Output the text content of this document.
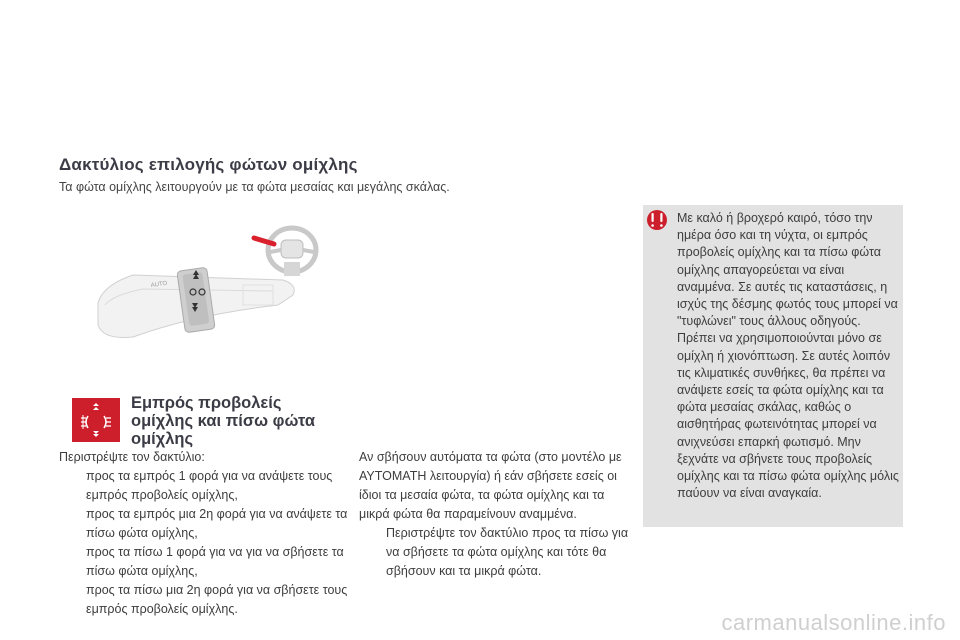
Δακτύλιος επιλογής φώτων ομίχλης
Τα φώτα ομίχλης λειτουργούν με τα φώτα μεσαίας και μεγάλης σκάλας.
AUTO
Εμπρός προβολείς ομίχλης και πίσω φώτα ομίχλης
Περιστρέψτε τον δακτύλιο:
προς τα εμπρός 1 φορά για να ανάψετε τους εμπρός προβολείς ομίχλης,
προς τα εμπρός μια 2η φορά για να ανάψετε τα πίσω φώτα ομίχλης,
προς τα πίσω 1 φορά για να για να σβήσετε τα πίσω φώτα ομίχλης,
προς τα πίσω μια 2η φορά για να σβήσετε τους εμπρός προβολείς ομίχλης.
Αν σβήσουν αυτόματα τα φώτα (στο μοντέλο με AYTOMATH λειτουργία) ή εάν σβήσετε εσείς οι ίδιοι τα μεσαία φώτα, τα φώτα ομίχλης και τα μικρά φώτα θα παραμείνουν αναμμένα.
Περιστρέψτε τον δακτύλιο προς τα πίσω για να σβήσετε τα φώτα ομίχλης και τότε θα σβήσουν και τα μικρά φώτα.
Με καλό ή βροχερό καιρό, τόσο την ημέρα όσο και τη νύχτα, οι εμπρός προβολείς ομίχλης και τα πίσω φώτα ομίχλης απαγορεύεται να είναι αναμμένα. Σε αυτές τις καταστάσεις, η ισχύς της δέσμης φωτός τους μπορεί να "τυφλώνει" τους άλλους οδηγούς. Πρέπει να χρησιμοποιούνται μόνο σε ομίχλη ή χιονόπτωση. Σε αυτές λοιπόν τις κλιματικές συνθήκες, θα πρέπει να ανάψετε εσείς τα φώτα ομίχλης και τα φώτα μεσαίας σκάλας, καθώς ο αισθητήρας φωτεινότητας μπορεί να ανιχνεύσει επαρκή φωτισμό. Μην ξεχνάτε να σβήνετε τους προβολείς ομίχλης και τα πίσω φώτα ομίχλης μόλις παύουν να είναι αναγκαία.
carmanualsonline.info
